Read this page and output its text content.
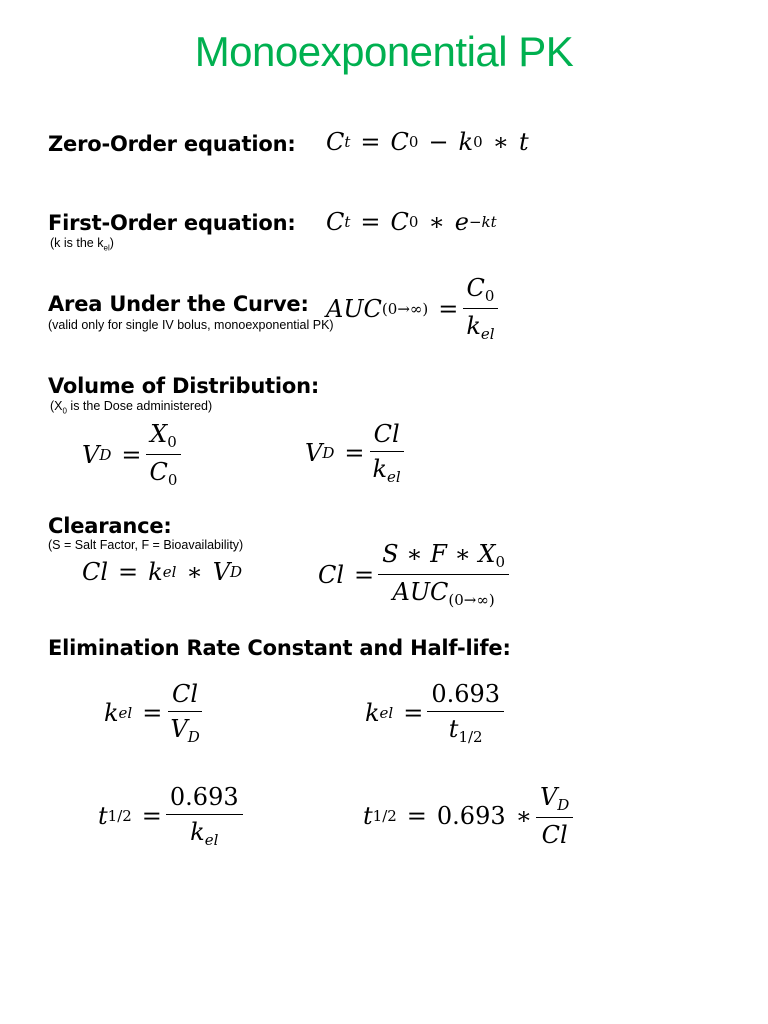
Monoexponential PK
Zero-Order equation: C t = C 0 − k 0 ∗ t
First-Order equation:
(k is the $k_{el}$)
C t = C 0 ∗ e −kt
Area Under the Curve:
(valid only for single IV bolus, monoexponential PK)
AUC $(0\to\infty) = \frac{C_0}{k_{el}}$
Volume of Distribution:
($X_0$ is the Dose administered)
V $D = \frac{X_0}{C_0}$	V $D = \frac{Cl}{k_{el}}$
Clearance:
(S = Salt Factor, F = Bioavailability)
Cl = k el ∗ V D	$Cl = \frac{S ∗ F ∗ X_0}{AUC_{(0\to\infty)}}$
Elimination Rate Constant and Half-life:
k el = $\frac{Cl}{V_D}$	k el = $\frac{0.693}{t_{1/2}}$
t $1/2 = \frac{0.693}{k_{el}}$	t 1/2 = 0.693 ∗ $\frac{V_D}{Cl}$
